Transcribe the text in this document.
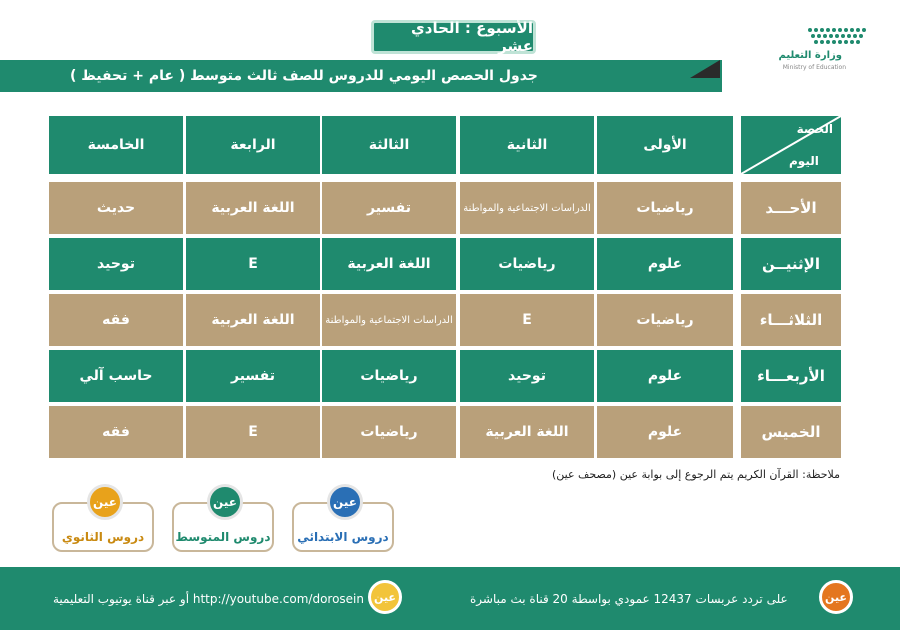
الأسبوع : الحادي عشر
جدول الحصص اليومي للدروس للصف ثالث متوسط ( عام + تحفيظ )
وزارة التعليم
Ministry of Education
الحصة
اليوم
الأولى
الثانية
الثالثة
الرابعة
الخامسة
الأحـــد
رياضيات
الدراسات الاجتماعية والمواطنة
تفسير
اللغة العربية
حديث
الإثنيــن
علوم
رياضيات
اللغة العربية
E
توحيد
الثلاثـــاء
رياضيات
E
الدراسات الاجتماعية والمواطنة
اللغة العربية
فقه
الأربعـــاء
علوم
توحيد
رياضيات
تفسير
حاسب آلي
الخميس
علوم
اللغة العربية
رياضيات
E
فقه
ملاحظة: القرآن الكريم يتم الرجوع إلى بوابة عين (مصحف عين)
عين
دروس الابتدائي
عين
دروس المتوسط
عين
دروس الثانوي
http://youtube.com/dorosein أو عبر قناة يوتيوب التعليمية	على تردد عربسات 12437 عمودي بواسطة 20 قناة بث مباشرة
عين	عين
